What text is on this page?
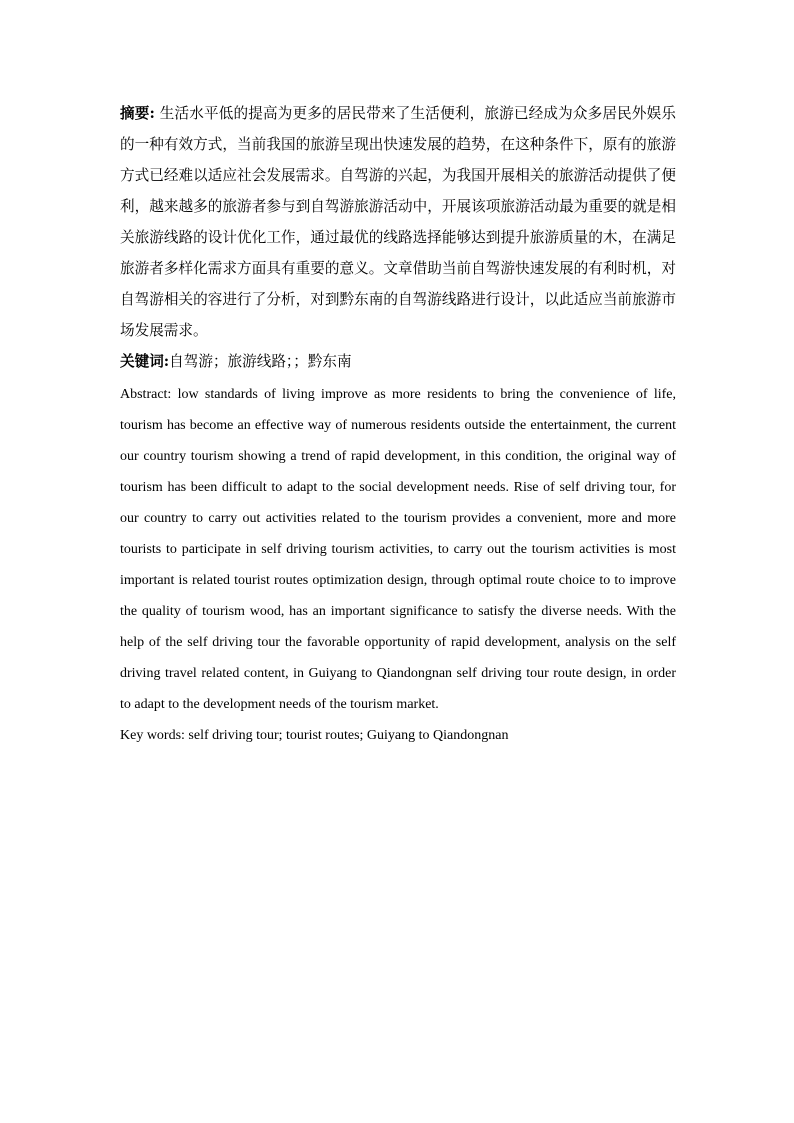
摘要: 生活水平低的提高为更多的居民带来了生活便利，旅游已经成为众多居民外娱乐的一种有效方式，当前我国的旅游呈现出快速发展的趋势，在这种条件下，原有的旅游方式已经难以适应社会发展需求。自驾游的兴起，为我国开展相关的旅游活动提供了便利，越来越多的旅游者参与到自驾游旅游活动中，开展该项旅游活动最为重要的就是相关旅游线路的设计优化工作，通过最优的线路选择能够达到提升旅游质量的木，在满足旅游者多样化需求方面具有重要的意义。文章借助当前自驾游快速发展的有利时机，对自驾游相关的容进行了分析，对到黔东南的自驾游线路进行设计，以此适应当前旅游市场发展需求。

关键词:自驾游；旅游线路；；黔东南

Abstract: low standards of living improve as more residents to bring the convenience of life, tourism has become an effective way of numerous residents outside the entertainment, the current our country tourism showing a trend of rapid development, in this condition, the original way of tourism has been difficult to adapt to the social development needs. Rise of self driving tour, for our country to carry out activities related to the tourism provides a convenient, more and more tourists to participate in self driving tourism activities, to carry out the tourism activities is most important is related tourist routes optimization design, through optimal route choice to to improve the quality of tourism wood, has an important significance to satisfy the diverse needs. With the help of the self driving tour the favorable opportunity of rapid development, analysis on the self driving travel related content, in Guiyang to Qiandongnan self driving tour route design, in order to adapt to the development needs of the tourism market.

Key words: self driving tour; tourist routes; Guiyang to Qiandongnan
